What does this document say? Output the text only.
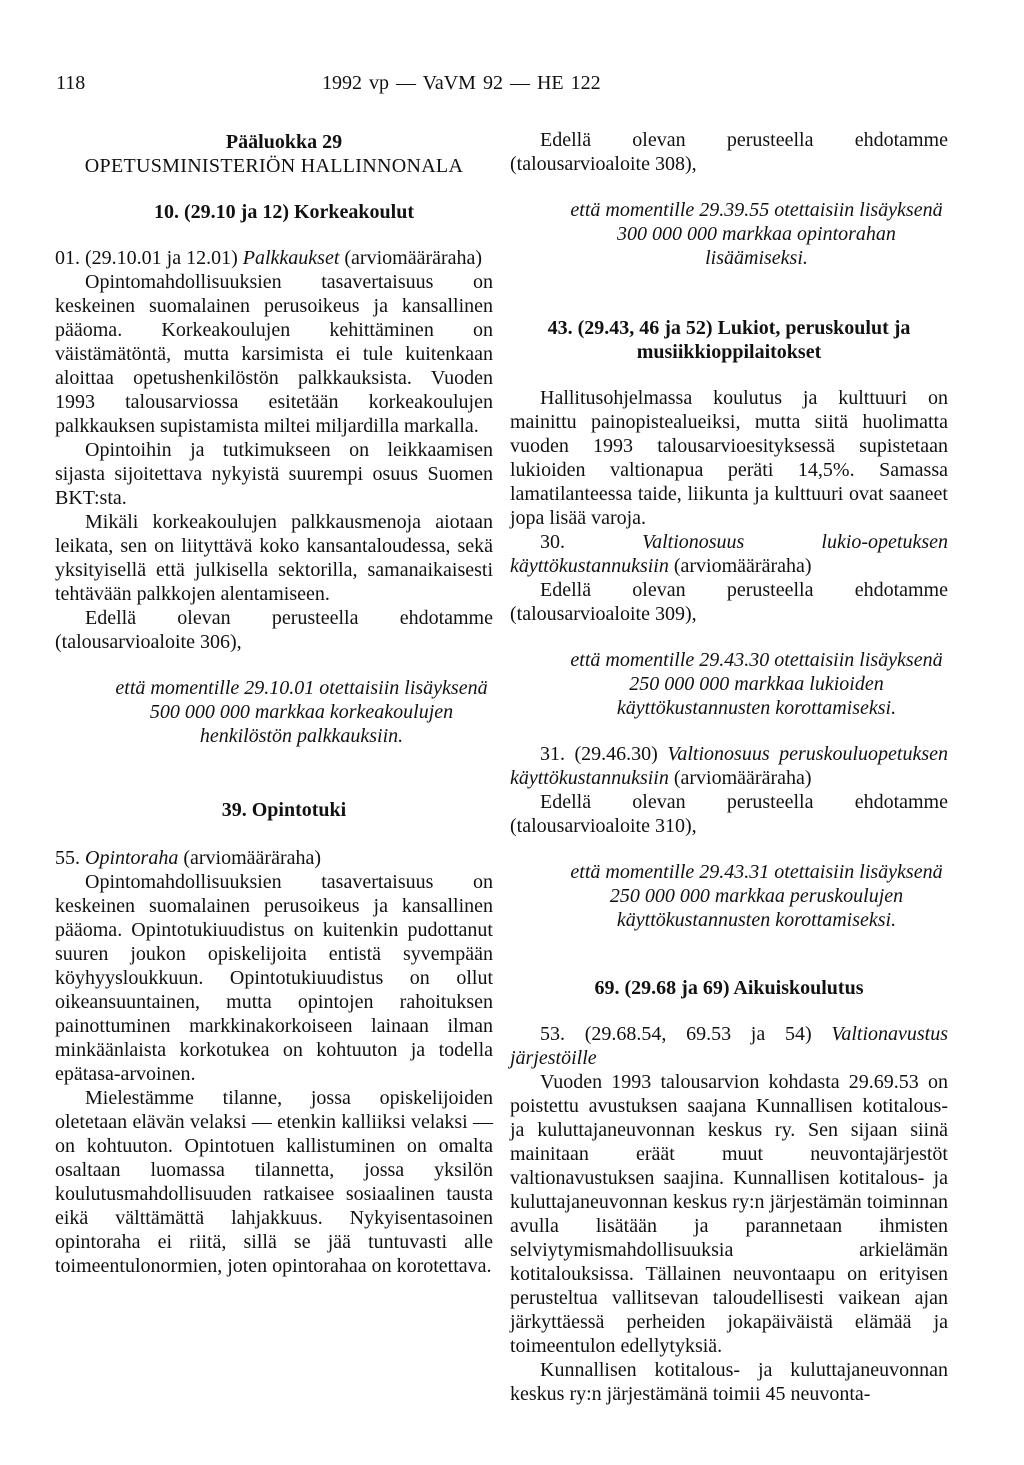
118	1992 vp — VaVM 92 — HE 122

Pääluokka 29

OPETUSMINISTERIÖN HALLINNONALA

10. (29.10 ja 12) Korkeakoulut

01. (29.10.01 ja 12.01) Palkkaukset (arviomääräraha)

Opintomahdollisuuksien tasavertaisuus on keskeinen suomalainen perusoikeus ja kansallinen pääoma. Korkeakoulujen kehittäminen on väistämätöntä, mutta karsimista ei tule kuitenkaan aloittaa opetushenkilöstön palkkauksista. Vuoden 1993 talousarviossa esitetään korkeakoulujen palkkauksen supistamista miltei miljardilla markalla.

Opintoihin ja tutkimukseen on leikkaamisen sijasta sijoitettava nykyistä suurempi osuus Suomen BKT:sta.

Mikäli korkeakoulujen palkkausmenoja aiotaan leikata, sen on liityttävä koko kansantaloudessa, sekä yksityisellä että julkisella sektorilla, samanaikaisesti tehtävään palkkojen alentamiseen.

Edellä olevan perusteella ehdotamme (talousarvioaloite 306),

että momentille 29.10.01 otettaisiin lisäyksenä 500 000 000 markkaa korkeakoulujen henkilöstön palkkauksiin.

39. Opintotuki

55. Opintoraha (arviomääräraha)

Opintomahdollisuuksien tasavertaisuus on keskeinen suomalainen perusoikeus ja kansallinen pääoma. Opintotukiuudistus on kuitenkin pudottanut suuren joukon opiskelijoita entistä syvempään köyhyysloukkuun. Opintotukiuudistus on ollut oikeansuuntainen, mutta opintojen rahoituksen painottuminen markkinakorkoiseen lainaan ilman minkäänlaista korkotukea on kohtuuton ja todella epätasa-arvoinen.

Mielestämme tilanne, jossa opiskelijoiden oletetaan elävän velaksi — etenkin kalliiksi velaksi — on kohtuuton. Opintotuen kallistuminen on omalta osaltaan luomassa tilannetta, jossa yksilön koulutusmahdollisuuden ratkaisee sosiaalinen tausta eikä välttämättä lahjakkuus. Nykyisentasoinen opintoraha ei riitä, sillä se jää tuntuvasti alle toimeentulonormien, joten opintorahaa on korotettava.

Edellä olevan perusteella ehdotamme (talousarvioaloite 308),

että momentille 29.39.55 otettaisiin lisäyksenä 300 000 000 markkaa opintorahan lisäämiseksi.

43. (29.43, 46 ja 52) Lukiot, peruskoulut ja musiikkioppilaitokset

Hallitusohjelmassa koulutus ja kulttuuri on mainittu painopistealueiksi, mutta siitä huolimatta vuoden 1993 talousarvioesityksessä supistetaan lukioiden valtionapua peräti 14,5%. Samassa lamatilanteessa taide, liikunta ja kulttuuri ovat saaneet jopa lisää varoja.

30. Valtionosuus lukio-opetuksen käyttökustannuksiin (arviomääräraha)

Edellä olevan perusteella ehdotamme (talousarvioaloite 309),

että momentille 29.43.30 otettaisiin lisäyksenä 250 000 000 markkaa lukioiden käyttökustannusten korottamiseksi.

31. (29.46.30) Valtionosuus peruskouluopetuksen käyttökustannuksiin (arviomääräraha)

Edellä olevan perusteella ehdotamme (talousarvioaloite 310),

että momentille 29.43.31 otettaisiin lisäyksenä 250 000 000 markkaa peruskoulujen käyttökustannusten korottamiseksi.

69. (29.68 ja 69) Aikuiskoulutus

53. (29.68.54, 69.53 ja 54) Valtionavustus järjestöille

Vuoden 1993 talousarvion kohdasta 29.69.53 on poistettu avustuksen saajana Kunnallisen kotitalous- ja kuluttajaneuvonnan keskus ry. Sen sijaan siinä mainitaan eräät muut neuvontajärjestöt valtionavustuksen saajina. Kunnallisen kotitalous- ja kuluttajaneuvonnan keskus ry:n järjestämän toiminnan avulla lisätään ja parannetaan ihmisten selviytymismahdollisuuksia arkielämän kotitalouksissa. Tällainen neuvontaapu on erityisen perusteltua vallitsevan taloudellisesti vaikean ajan järkyttäessä perheiden jokapäiväistä elämää ja toimeentulon edellytyksiä.

Kunnallisen kotitalous- ja kuluttajaneuvonnan keskus ry:n järjestämänä toimii 45 neuvonta-
